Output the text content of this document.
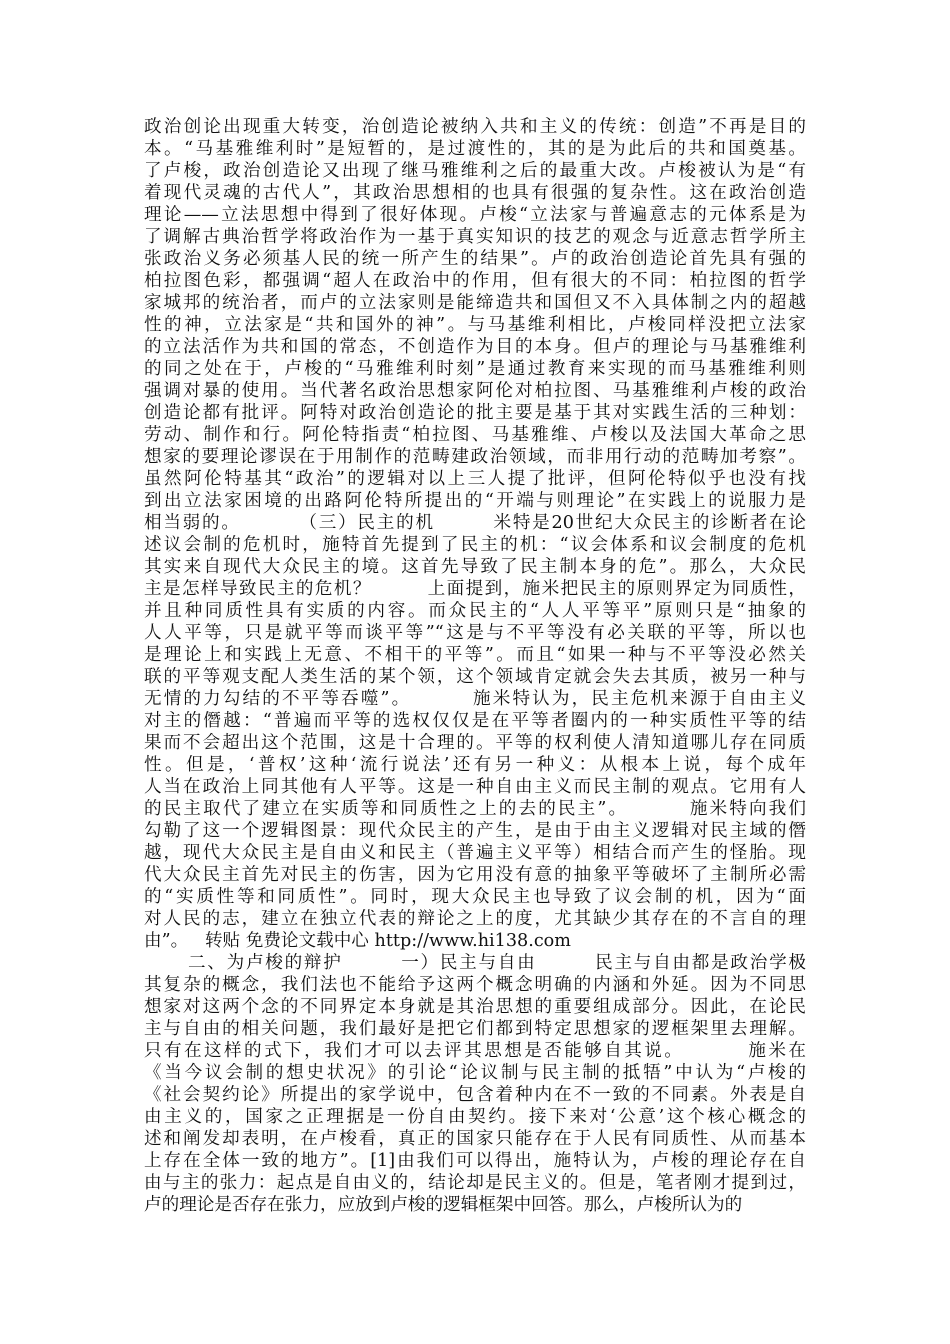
政治创论出现重大转变，治创造论被纳入共和主义的传统：创造”不再是目的
本。“马基雅维利时”是短暂的，是过渡性的，其的是为此后的共和国奠基。
了卢梭，政治创造论又出现了继马雅维利之后的最重大改。卢梭被认为是“有
着现代灵魂的古代人”，其政治思想相的也具有很强的复杂性。这在政治创造
理论——立法思想中得到了很好体现。卢梭“立法家与普遍意志的元体系是为
了调解古典治哲学将政治作为一基于真实知识的技艺的观念与近意志哲学所主
张政治义务必须基人民的统一所产生的结果”。卢的政治创造论首先具有强的
柏拉图色彩，都强调“超人在政治中的作用，但有很大的不同：柏拉图的哲学
家城邦的统治者，而卢的立法家则是能缔造共和国但又不入具体制之内的超越
性的神，立法家是“共和国外的神”。与马基维利相比，卢梭同样没把立法家
的立法活作为共和国的常态，不创造作为目的本身。但卢的理论与马基雅维利
的同之处在于，卢梭的“马雅维利时刻”是通过教育来实现的而马基雅维利则
强调对暴的使用。当代著名政治思想家阿伦对柏拉图、马基雅维利卢梭的政治
创造论都有批评。阿特对政治创造论的批主要是基于其对实践生活的三种划：
劳动、制作和行。阿伦特指责“柏拉图、马基雅维、卢梭以及法国大革命之思
想家的要理论谬误在于用制作的范畴建政治领域，而非用行动的范畴加考察”。
虽然阿伦特基其“政治”的逻辑对以上三人提了批评，但阿伦特似乎也没有找
到出立法家困境的出路阿伦特所提出的“开端与则理论”在实践上的说服力是
相当弱的。        （三）民主的机        米特是20世纪大众民主的诊断者在论
述议会制的危机时，施特首先提到了民主的机：“议会体系和议会制度的危机
其实来自现代大众民主的境。这首先导致了民主制本身的危”。那么，大众民
主是怎样导致民主的危机？        上面提到，施米把民主的原则界定为同质性，
并且种同质性具有实质的内容。而众民主的“人人平等平”原则只是“抽象的
人人平等，只是就平等而谈平等”“这是与不平等没有必关联的平等，所以也
是理论上和实践上无意、不相干的平等”。而且“如果一种与不平等没必然关
联的平等观支配人类生活的某个领，这个领域肯定就会失去其质，被另一种与
无情的力勾结的不平等吞噬”。        施米特认为，民主危机来源于自由主义
对主的僭越：“普遍而平等的选权仅仅是在平等者圈内的一种实质性平等的结
果而不会超出这个范围，这是十合理的。平等的权利使人清知道哪儿存在同质
性。但是，‘普权’这种‘流行说法’还有另一种义：从根本上说，每个成年
人当在政治上同其他有人平等。这是一种自由主义而民主制的观点。它用有人
的民主取代了建立在实质等和同质性之上的去的民主”。        施米特向我们
勾勒了这一个逻辑图景：现代众民主的产生，是由于由主义逻辑对民主域的僭
越，现代大众民主是自由义和民主（普遍主义平等）相结合而产生的怪胎。现
代大众民主首先对民主的伤害，因为它用没有意的抽象平等破坏了主制所必需
的“实质性等和同质性”。同时，现大众民主也导致了议会制的机，因为“面
对人民的志，建立在独立代表的辩论之上的度，尤其缺少其存在的不言自的理
由”。   转贴 免费论文载中心 http://www.hi138.com
二、为卢梭的辩护        一）民主与自由        民主与自由都是政治学极
其复杂的概念，我们法也不能给予这两个概念明确的内涵和外延。因为不同思
想家对这两个念的不同界定本身就是其治思想的重要组成部分。因此，在论民
主与自由的相关问题，我们最好是把它们都到特定思想家的逻框架里去理解。
只有在这样的式下，我们才可以去评其思想是否能够自其说。        施米在
《当今议会制的想史状况》的引论“论议制与民主制的抵牾”中认为“卢梭的
《社会契约论》所提出的家学说中，包含着种内在不一致的不同素。外表是自
由主义的，国家之正理据是一份自由契约。接下来对‘公意’这个核心概念的
述和阐发却表明，在卢梭看，真正的国家只能存在于人民有同质性、从而基本
上存在全体一致的地方”。[1]由我们可以得出，施特认为，卢梭的理论存在自
由与主的张力：起点是自由义的，结论却是民主义的。但是，笔者刚才提到过，
卢的理论是否存在张力，应放到卢梭的逻辑框架中回答。那么，卢梭所认为的
